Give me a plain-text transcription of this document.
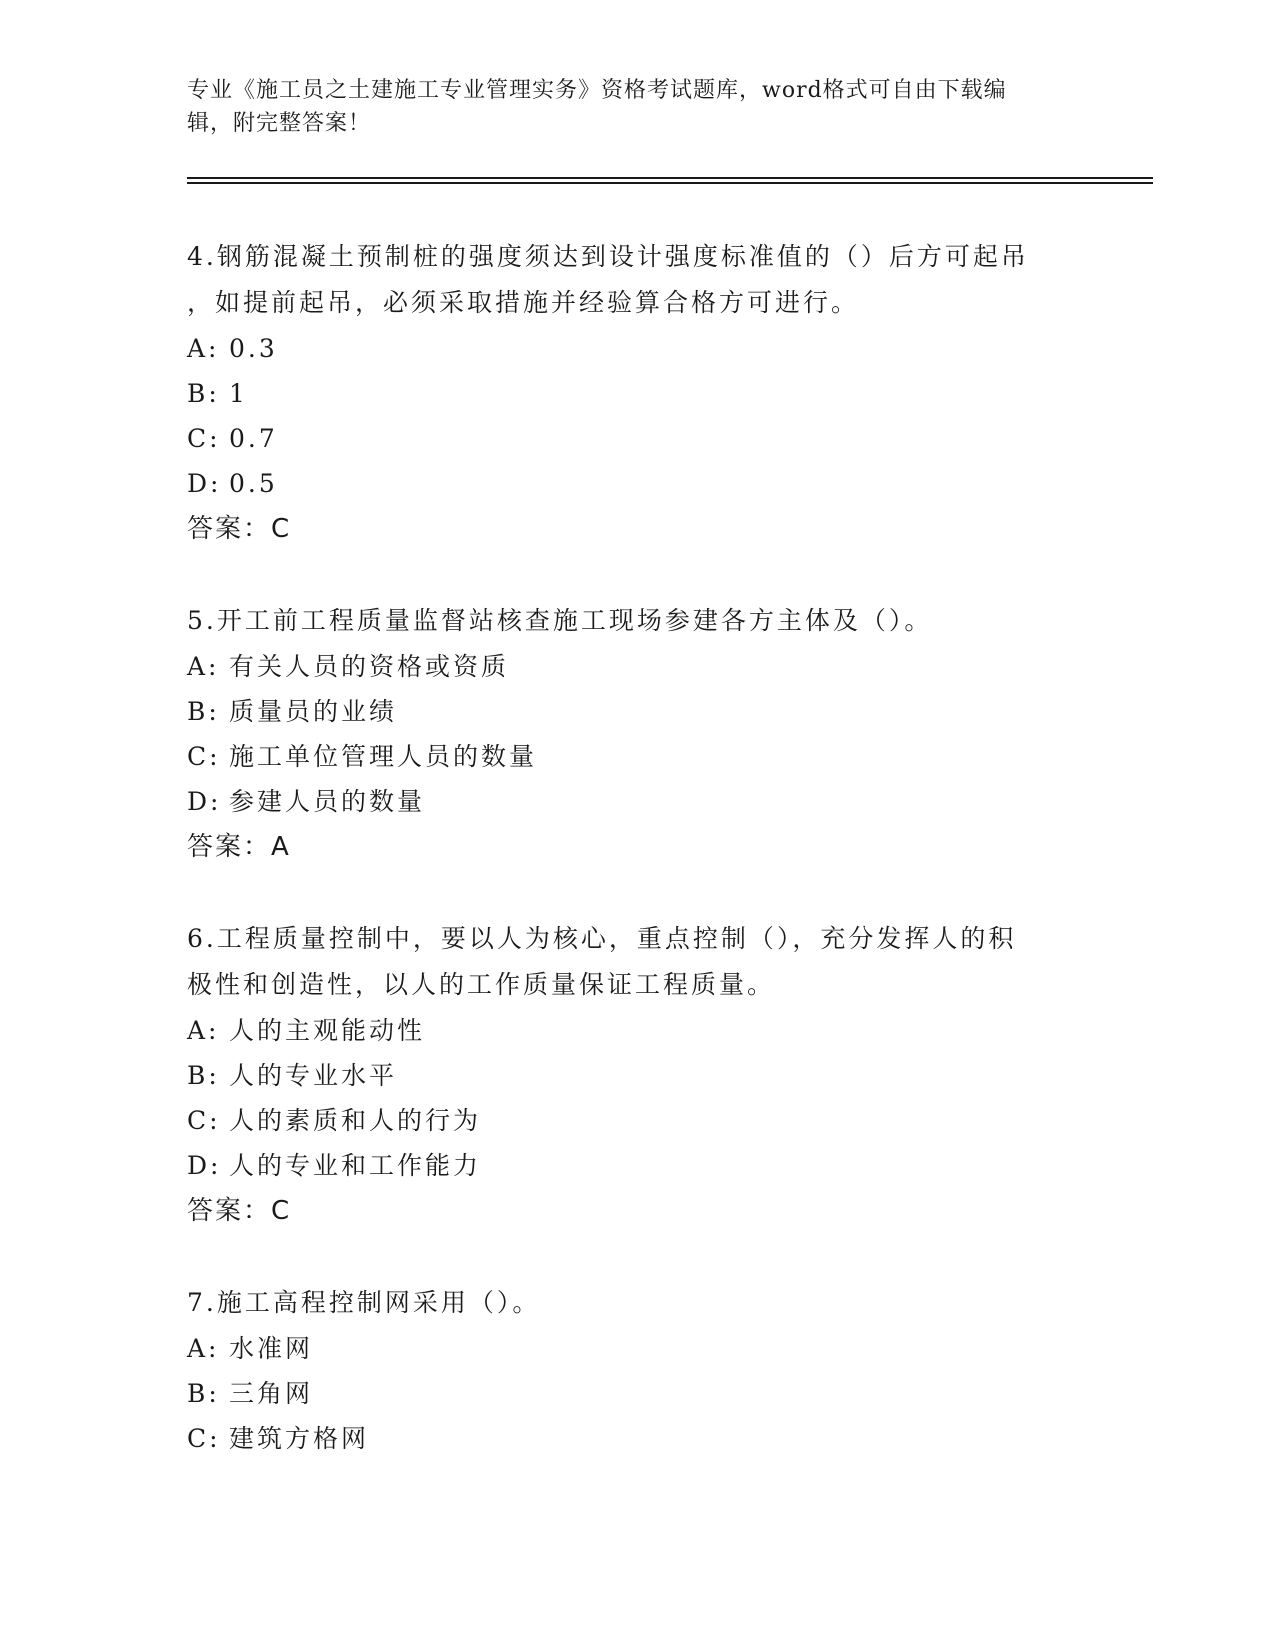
专业《施工员之土建施工专业管理实务》资格考试题库，word格式可自由下载编
辑，附完整答案！

4.钢筋混凝土预制桩的强度须达到设计强度标准值的（）后方可起吊

，如提前起吊，必须采取措施并经验算合格方可进行。

A: 0.3

B: 1

C: 0.7

D: 0.5

答案：C

5.开工前工程质量监督站核查施工现场参建各方主体及（）。

A: 有关人员的资格或资质

B: 质量员的业绩

C: 施工单位管理人员的数量

D: 参建人员的数量

答案：A

6.工程质量控制中，要以人为核心，重点控制（），充分发挥人的积

极性和创造性，以人的工作质量保证工程质量。

A: 人的主观能动性

B: 人的专业水平

C: 人的素质和人的行为

D: 人的专业和工作能力

答案：C

7.施工高程控制网采用（）。

A: 水准网

B: 三角网

C: 建筑方格网
